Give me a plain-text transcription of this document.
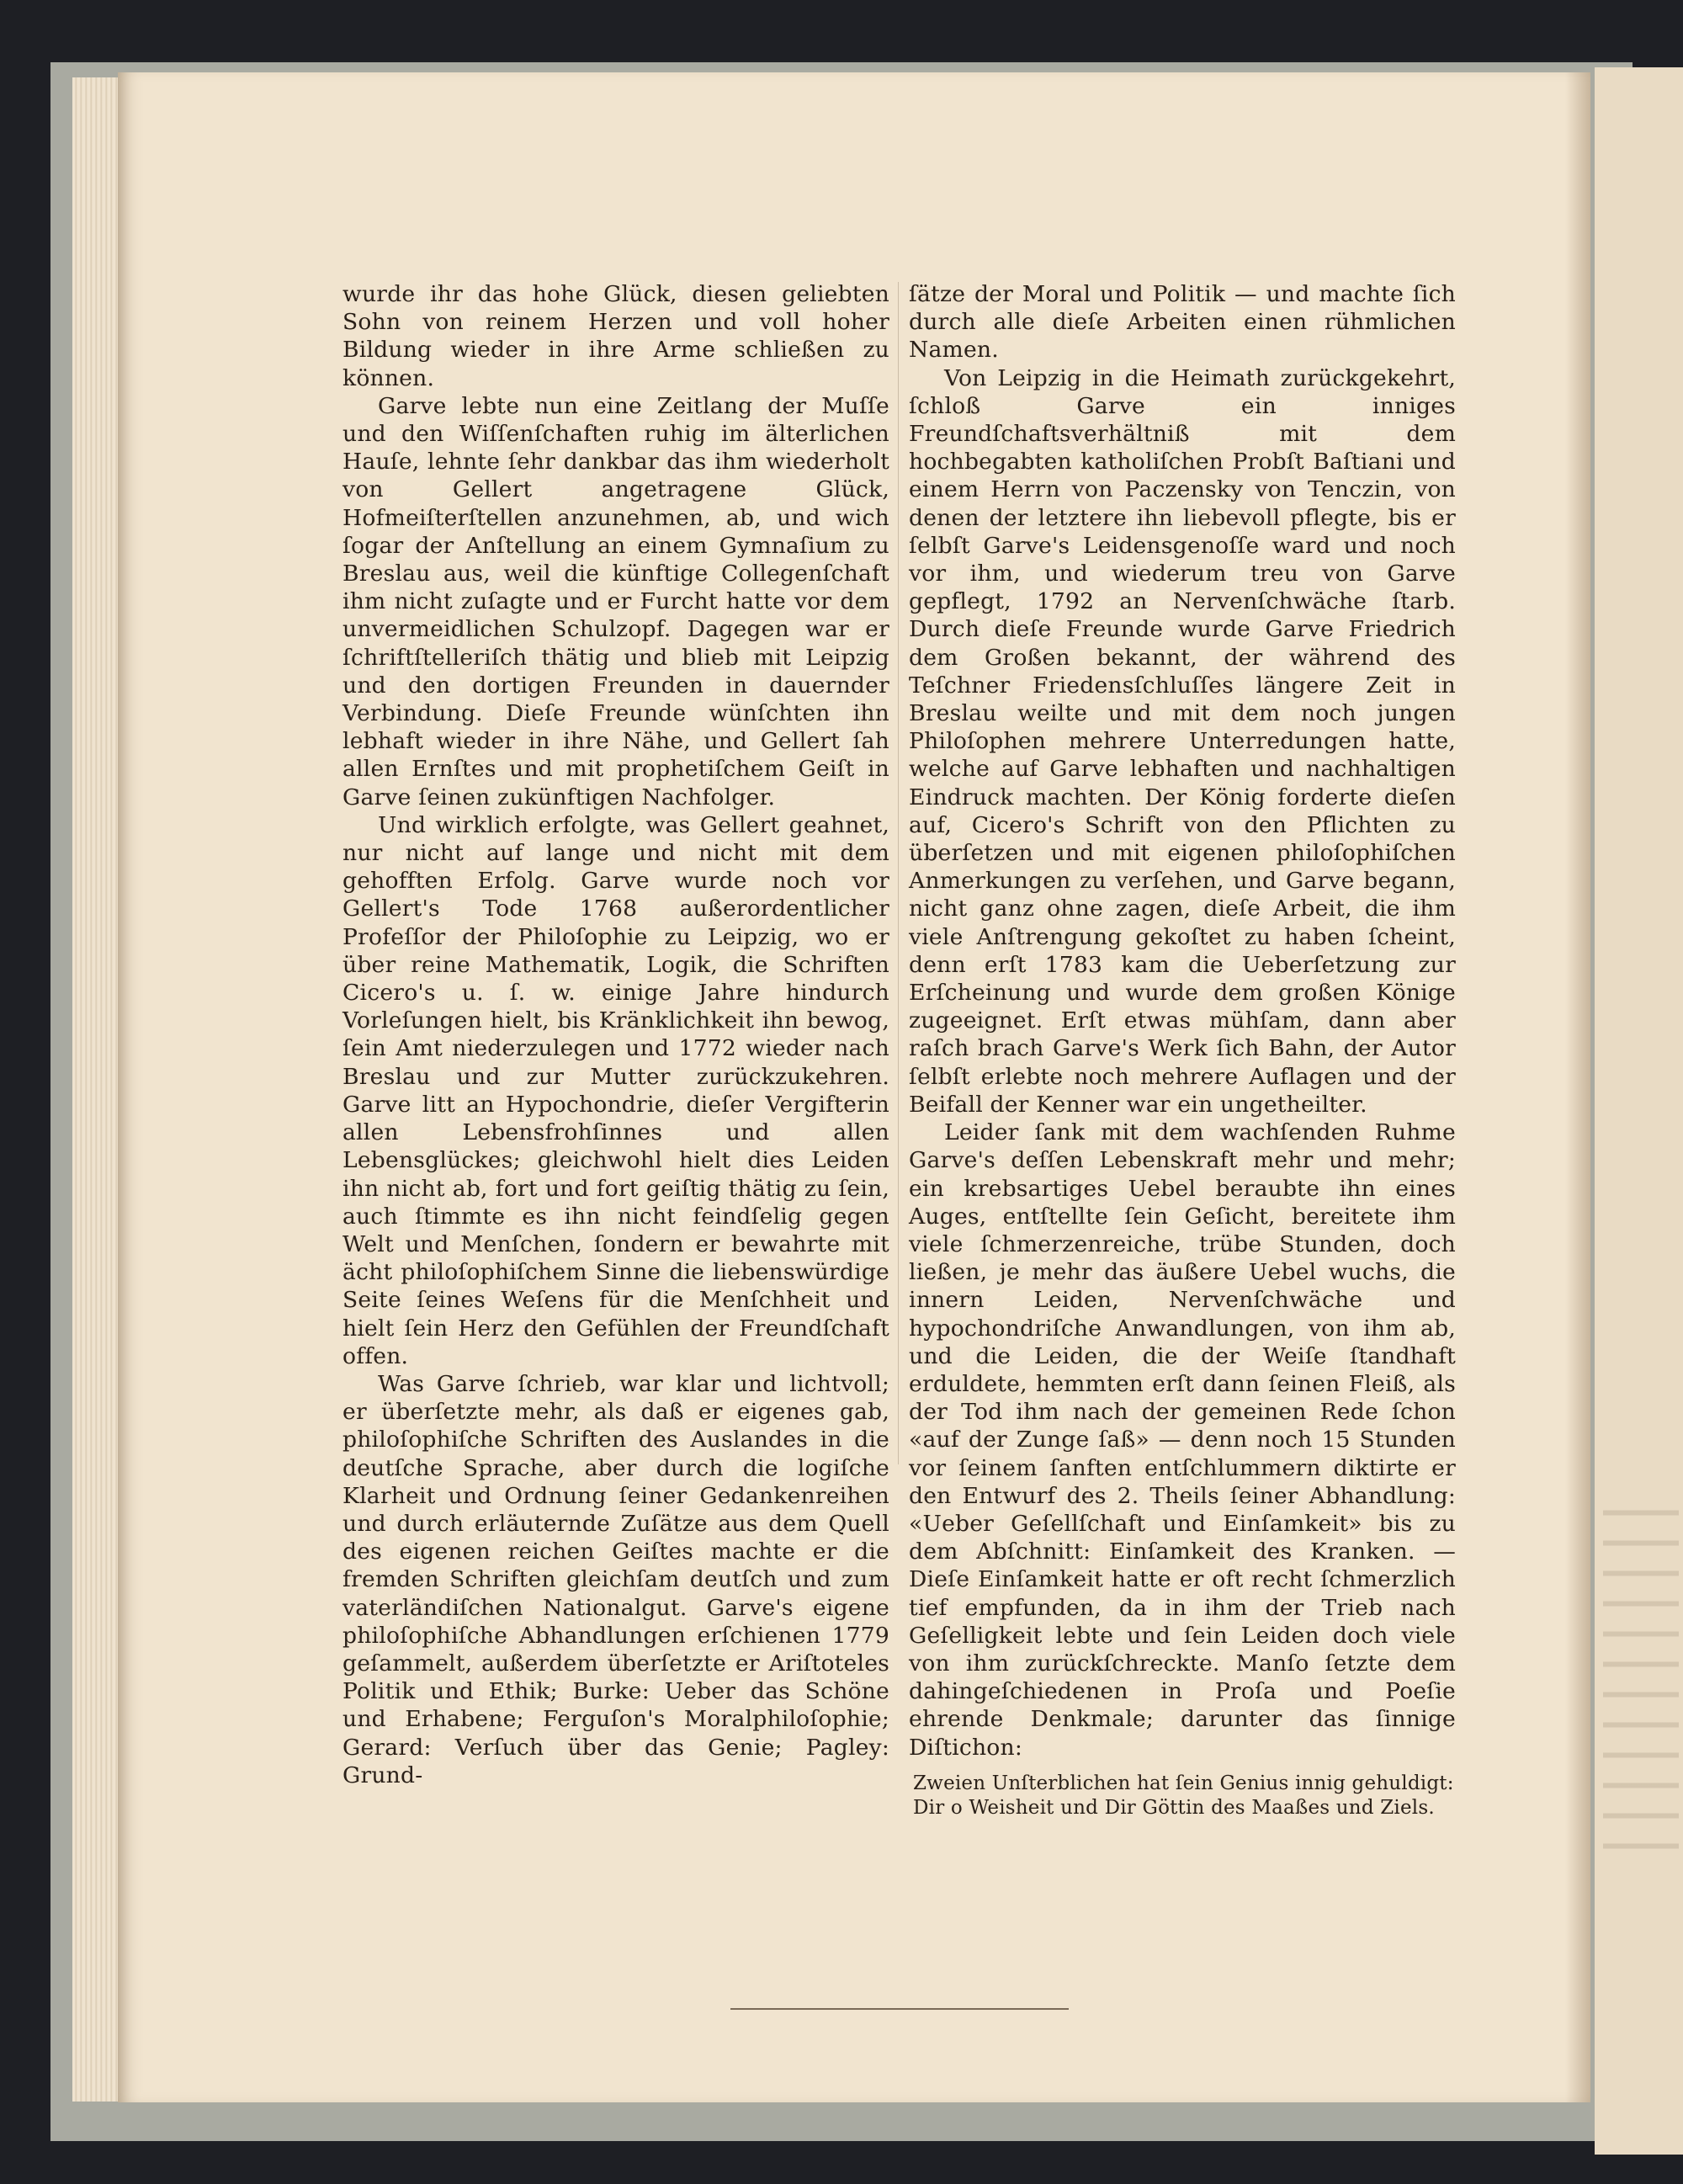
wurde ihr das hohe Glück, diesen geliebten Sohn von reinem Herzen und voll hoher Bildung wieder in ihre Arme schließen zu können.

Garve lebte nun eine Zeitlang der Muſſe und den Wiſſenſchaften ruhig im älterlichen Hauſe, lehnte ſehr dankbar das ihm wiederholt von Gellert angetragene Glück, Hofmeiſterſtellen anzunehmen, ab, und wich ſogar der Anſtellung an einem Gymnaſium zu Breslau aus, weil die künftige Collegenſchaft ihm nicht zuſagte und er Furcht hatte vor dem unvermeidlichen Schulzopf. Dagegen war er ſchriftſtelleriſch thätig und blieb mit Leipzig und den dortigen Freunden in dauernder Verbindung. Dieſe Freunde wünſchten ihn lebhaft wieder in ihre Nähe, und Gellert ſah allen Ernſtes und mit prophetiſchem Geiſt in Garve ſeinen zukünftigen Nachfolger.

Und wirklich erfolgte, was Gellert geahnet, nur nicht auf lange und nicht mit dem gehofften Erfolg. Garve wurde noch vor Gellert's Tode 1768 außerordentlicher Profeſſor der Philoſophie zu Leipzig, wo er über reine Mathematik, Logik, die Schriften Cicero's u. ſ. w. einige Jahre hindurch Vorleſungen hielt, bis Kränklichkeit ihn bewog, ſein Amt niederzulegen und 1772 wieder nach Breslau und zur Mutter zurückzukehren. Garve litt an Hypochondrie, dieſer Vergifterin allen Lebensfrohſinnes und allen Lebensglückes; gleichwohl hielt dies Leiden ihn nicht ab, fort und fort geiſtig thätig zu ſein, auch ſtimmte es ihn nicht feindſelig gegen Welt und Menſchen, ſondern er bewahrte mit ächt philoſophiſchem Sinne die liebenswürdige Seite ſeines Weſens für die Menſchheit und hielt ſein Herz den Gefühlen der Freundſchaft offen.

Was Garve ſchrieb, war klar und lichtvoll; er überſetzte mehr, als daß er eigenes gab, philoſophiſche Schriften des Auslandes in die deutſche Sprache, aber durch die logiſche Klarheit und Ordnung ſeiner Gedankenreihen und durch erläuternde Zuſätze aus dem Quell des eigenen reichen Geiſtes machte er die fremden Schriften gleichſam deutſch und zum vaterländiſchen Nationalgut. Garve's eigene philoſophiſche Abhandlungen erſchienen 1779 geſammelt, außerdem überſetzte er Ariſtoteles Politik und Ethik; Burke: Ueber das Schöne und Erhabene; Ferguſon's Moralphiloſophie; Gerard: Verſuch über das Genie; Pagley: Grund-

ſätze der Moral und Politik — und machte ſich durch alle dieſe Arbeiten einen rühmlichen Namen.

Von Leipzig in die Heimath zurückgekehrt, ſchloß Garve ein inniges Freundſchaftsverhältniß mit dem hochbegabten katholiſchen Probſt Baſtiani und einem Herrn von Paczensky von Tenczin, von denen der letztere ihn liebevoll pflegte, bis er ſelbſt Garve's Leidensgenoſſe ward und noch vor ihm, und wiederum treu von Garve gepflegt, 1792 an Nervenſchwäche ſtarb. Durch dieſe Freunde wurde Garve Friedrich dem Großen bekannt, der während des Teſchner Friedensſchluſſes längere Zeit in Breslau weilte und mit dem noch jungen Philoſophen mehrere Unterredungen hatte, welche auf Garve lebhaften und nachhaltigen Eindruck machten. Der König forderte dieſen auf, Cicero's Schrift von den Pflichten zu überſetzen und mit eigenen philoſophiſchen Anmerkungen zu verſehen, und Garve begann, nicht ganz ohne zagen, dieſe Arbeit, die ihm viele Anſtrengung gekoſtet zu haben ſcheint, denn erſt 1783 kam die Ueberſetzung zur Erſcheinung und wurde dem großen Könige zugeeignet. Erſt etwas mühſam, dann aber raſch brach Garve's Werk ſich Bahn, der Autor ſelbſt erlebte noch mehrere Auflagen und der Beifall der Kenner war ein ungetheilter.

Leider ſank mit dem wachſenden Ruhme Garve's deſſen Lebenskraft mehr und mehr; ein krebsartiges Uebel beraubte ihn eines Auges, entſtellte ſein Geſicht, bereitete ihm viele ſchmerzenreiche, trübe Stunden, doch ließen, je mehr das äußere Uebel wuchs, die innern Leiden, Nervenſchwäche und hypochondriſche Anwandlungen, von ihm ab, und die Leiden, die der Weiſe ſtandhaft erduldete, hemmten erſt dann ſeinen Fleiß, als der Tod ihm nach der gemeinen Rede ſchon «auf der Zunge ſaß» — denn noch 15 Stunden vor ſeinem ſanften entſchlummern diktirte er den Entwurf des 2. Theils ſeiner Abhandlung: «Ueber Geſellſchaft und Einſamkeit» bis zu dem Abſchnitt: Einſamkeit des Kranken. — Dieſe Einſamkeit hatte er oft recht ſchmerzlich tief empfunden, da in ihm der Trieb nach Geſelligkeit lebte und ſein Leiden doch viele von ihm zurückſchreckte. Manſo ſetzte dem dahingeſchiedenen in Proſa und Poeſie ehrende Denkmale; darunter das ſinnige Diſtichon:

Zweien Unſterblichen hat ſein Genius innig gehuldigt:
Dir o Weisheit und Dir Göttin des Maaßes und Ziels.
